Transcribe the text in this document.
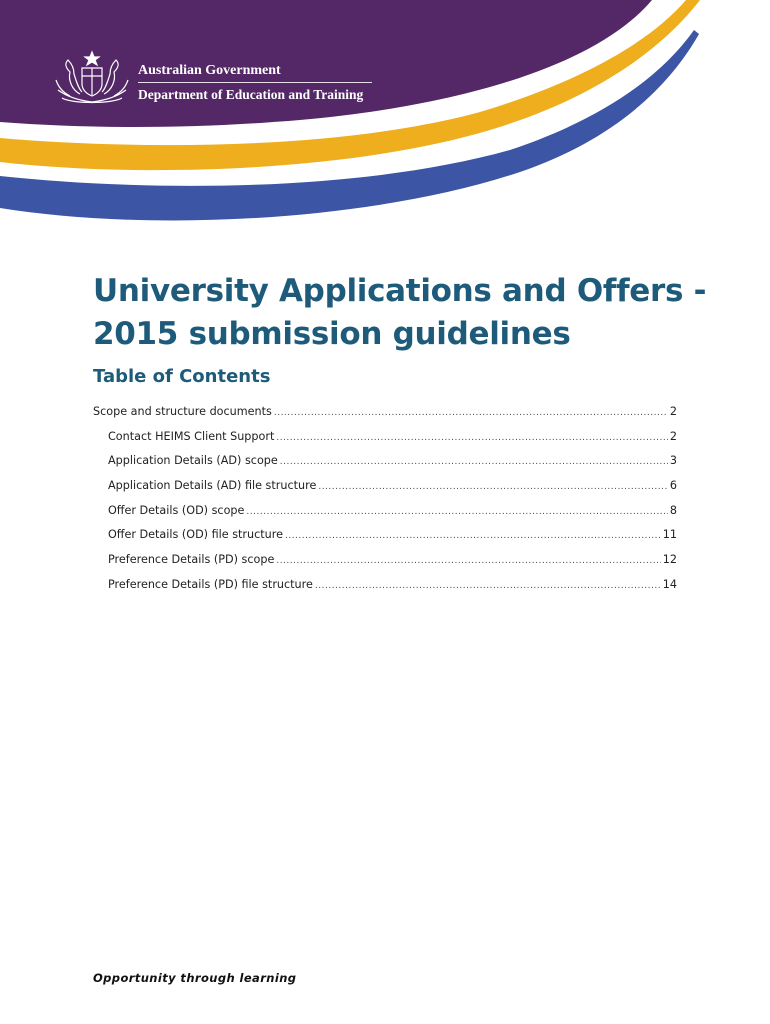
Australian Government
Department of Education and Training
University Applications and Offers - 2015 submission guidelines
Table of Contents
Scope and structure documents .....	2
Contact HEIMS Client Support .....	2
Application Details (AD) scope .....	3
Application Details (AD) file structure .....	6
Offer Details (OD) scope .....	8
Offer Details (OD) file structure .....	11
Preference Details (PD) scope .....	12
Preference Details (PD) file structure .....	14
Opportunity through learning
